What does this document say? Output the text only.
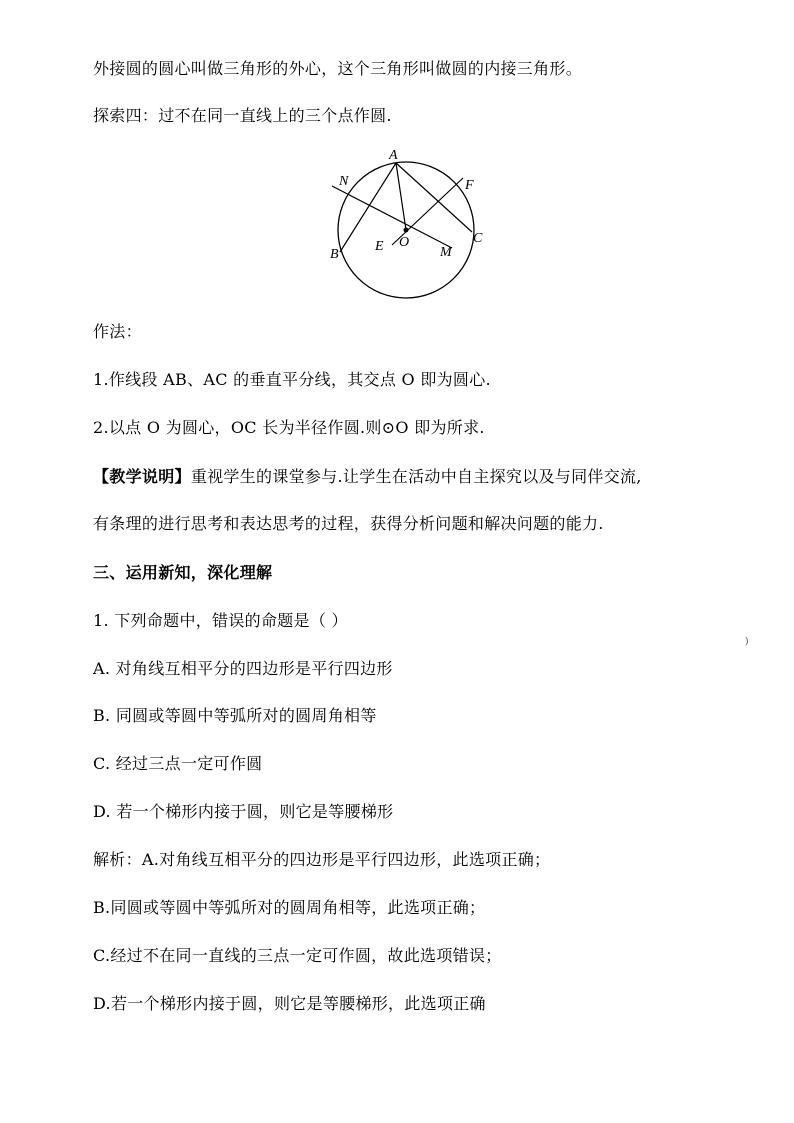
外接圆的圆心叫做三角形的外心，这个三角形叫做圆的内接三角形。
探索四：过不在同一直线上的三个点作圆.
A
N	F
B
C
E O
M
作法：
1.作线段 AB、AC 的垂直平分线，其交点 O 即为圆心.
2.以点 O 为圆心，OC 长为半径作圆.则⊙O 即为所求.
【教学说明】重视学生的课堂参与.让学生在活动中自主探究以及与同伴交流,
有条理的进行思考和表达思考的过程，获得分析问题和解决问题的能力.
三、运用新知，深化理解
1. 下列命题中，错误的命题是（ ）
A. 对角线互相平分的四边形是平行四边形
B. 同圆或等圆中等弧所对的圆周角相等
C. 经过三点一定可作圆
D. 若一个梯形内接于圆，则它是等腰梯形
解析：A.对角线互相平分的四边形是平行四边形，此选项正确；
B.同圆或等圆中等弧所对的圆周角相等，此选项正确；
C.经过不在同一直线的三点一定可作圆，故此选项错误；
D.若一个梯形内接于圆，则它是等腰梯形，此选项正确
)
